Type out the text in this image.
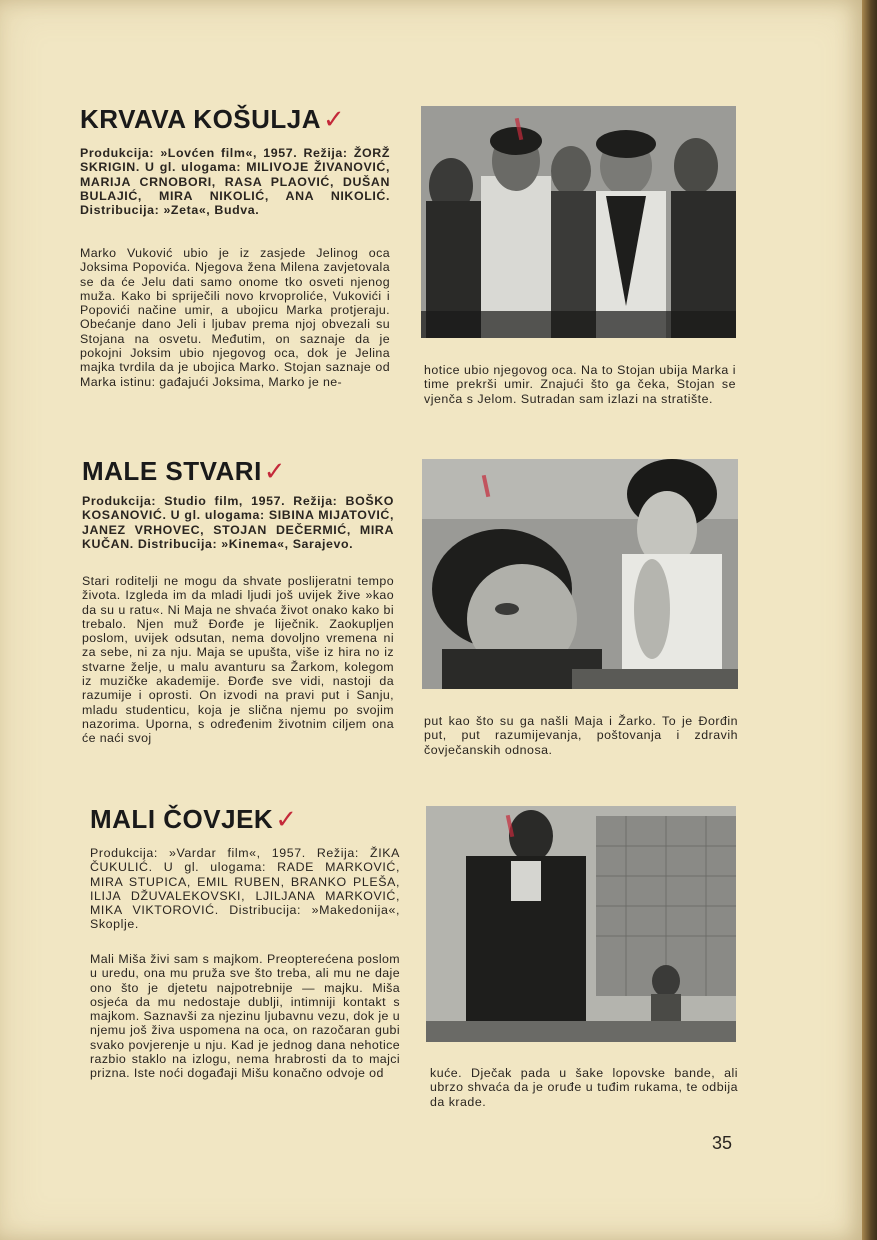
KRVAVA KOŠULJA✓
Produkcija: »Lovćen film«, 1957. Režija: ŽORŽ SKRIGIN. U gl. ulogama: MILIVOJE ŽIVANOVIĆ, MARIJA CRNOBORI, RASA PLAOVIĆ, DUŠAN BULAJIĆ, MIRA NIKOLIĆ, ANA NIKOLIĆ. Distribucija: »Zeta«, Budva.
Marko Vuković ubio je iz zasjede Jelinog oca Joksima Popovića. Njegova žena Milena zavjetovala se da će Jelu dati samo onome tko osveti njenog muža. Kako bi spriječili novo krvoproliće, Vukovići i Popovići načine umir, a ubojicu Marka protjeraju. Obećanje dano Jeli i ljubav prema njoj obvezali su Stojana na osvetu. Međutim, on saznaje da je pokojni Joksim ubio njegovog oca, dok je Jelina majka tvrdila da je ubojica Marko. Stojan saznaje od Marka istinu: gađajući Joksima, Marko je ne-
hotice ubio njegovog oca. Na to Stojan ubija Marka i time prekrši umir. Znajući što ga čeka, Stojan se vjenča s Jelom. Sutradan sam izlazi na stratište.
MALE STVARI✓
Produkcija: Studio film, 1957. Režija: BOŠKO KOSANOVIĆ. U gl. ulogama: SIBINA MIJATOVIĆ, JANEZ VRHOVEC, STOJAN DEČERMIĆ, MIRA KUČAN. Distribucija: »Kinema«, Sarajevo.
Stari roditelji ne mogu da shvate poslijeratni tempo života. Izgleda im da mladi ljudi još uvijek žive »kao da su u ratu«. Ni Maja ne shvaća život onako kako bi trebalo. Njen muž Đorđe je liječnik. Zaokupljen poslom, uvijek odsutan, nema dovoljno vremena ni za sebe, ni za nju. Maja se upušta, više iz hira no iz stvarne želje, u malu avanturu sa Žarkom, kolegom iz muzičke akademije. Đorđe sve vidi, nastoji da razumije i oprosti. On izvodi na pravi put i Sanju, mladu studenticu, koja je slična njemu po svojim nazorima. Uporna, s određenim životnim ciljem ona će naći svoj
put kao što su ga našli Maja i Žarko. To je Đorđin put, put razumijevanja, poštovanja i zdravih čovječanskih odnosa.
MALI ČOVJEK✓
Produkcija: »Vardar film«, 1957. Režija: ŽIKA ČUKULIĆ. U gl. ulogama: RADE MARKOVIĆ, MIRA STUPICA, EMIL RUBEN, BRANKO PLEŠA, ILIJA DŽUVALEKOVSKI, LJILJANA MARKOVIĆ, MIKA VIKTOROVIĆ. Distribucija: »Makedonija«, Skoplje.
Mali Miša živi sam s majkom. Preopterećena poslom u uredu, ona mu pruža sve što treba, ali mu ne daje ono što je djetetu najpotrebnije — majku. Miša osjeća da mu nedostaje dublji, intimniji kontakt s majkom. Saznavši za njezinu ljubavnu vezu, dok je u njemu još živa uspomena na oca, on razočaran gubi svako povjerenje u nju. Kad je jednog dana nehotice razbio staklo na izlogu, nema hrabrosti da to majci prizna. Iste noći događaji Mišu konačno odvoje od	kuće. Dječak pada u šake lopovske bande, ali ubrzo shvaća da je oruđe u tuđim rukama, te odbija da krade.
35
